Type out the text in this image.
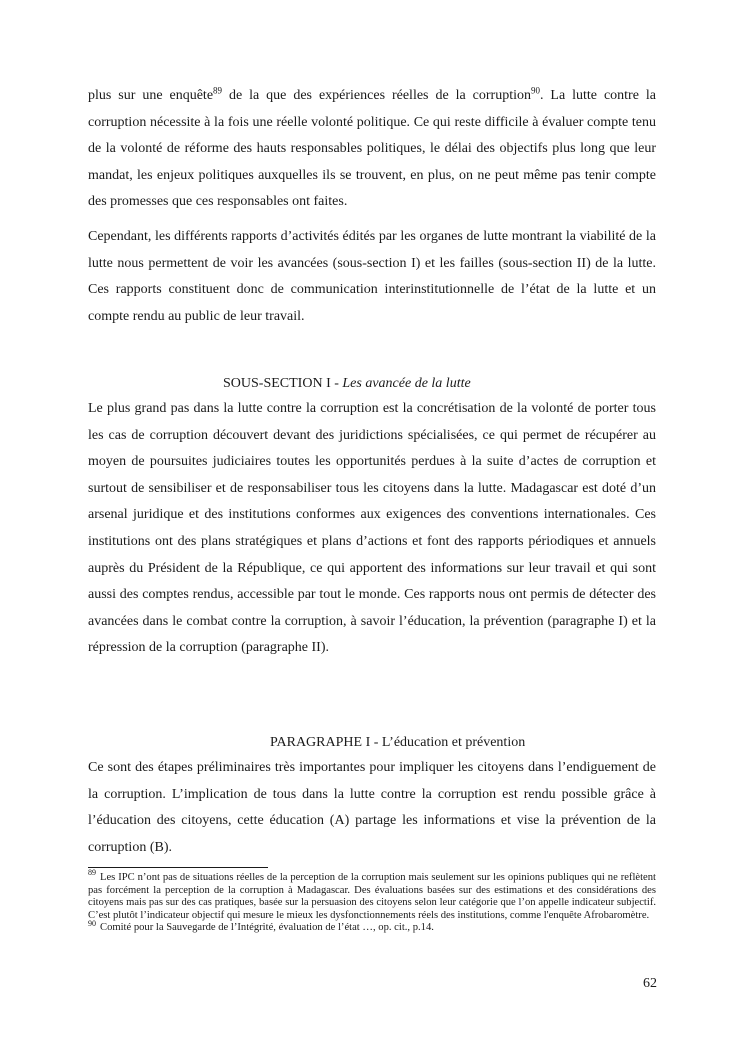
plus sur une enquête$^{89}$ de la que des expériences réelles de la corruption$^{90}$. La lutte contre la corruption nécessite à la fois une réelle volonté politique. Ce qui reste difficile à évaluer compte tenu de la volonté de réforme des hauts responsables politiques, le délai des objectifs plus long que leur mandat, les enjeux politiques auxquelles ils se trouvent, en plus, on ne peut même pas tenir compte des promesses que ces responsables ont faites.

Cependant, les différents rapports d’activités édités par les organes de lutte montrant la viabilité de la lutte nous permettent de voir les avancées (sous-section I) et les failles (sous-section II) de la lutte. Ces rapports constituent donc de communication interinstitutionnelle de l’état de la lutte et un compte rendu au public de leur travail.

SOUS-SECTION I - Les avancée de la lutte

Le plus grand pas dans la lutte contre la corruption est la concrétisation de la volonté de porter tous les cas de corruption découvert devant des juridictions spécialisées, ce qui permet de récupérer au moyen de poursuites judiciaires toutes les opportunités perdues à la suite d’actes de corruption et surtout de sensibiliser et de responsabiliser tous les citoyens dans la lutte. Madagascar est doté d’un arsenal juridique et des institutions conformes aux exigences des conventions internationales. Ces institutions ont des plans stratégiques et plans d’actions et font des rapports périodiques et annuels auprès du Président de la République, ce qui apportent des informations sur leur travail et qui sont aussi des comptes rendus, accessible par tout le monde. Ces rapports nous ont permis de détecter des avancées dans le combat contre la corruption, à savoir l’éducation, la prévention (paragraphe I) et la répression de la corruption (paragraphe II).

PARAGRAPHE I - L’éducation et prévention

Ce sont des étapes préliminaires très importantes pour impliquer les citoyens dans l’endiguement de la corruption. L’implication de tous dans la lutte contre la corruption est rendu possible grâce à l’éducation des citoyens, cette éducation (A) partage les informations et vise la prévention de la corruption (B).

$^{89}$ Les IPC n’ont pas de situations réelles de la perception de la corruption mais seulement sur les opinions publiques qui ne reflètent pas forcément la perception de la corruption à Madagascar. Des évaluations basées sur des estimations et des considérations des citoyens mais pas sur des cas pratiques, basée sur la persuasion des citoyens selon leur catégorie que l’on appelle indicateur subjectif. C’est plutôt l’indicateur objectif qui mesure le mieux les dysfonctionnements réels des institutions, comme l'enquête Afrobaromètre.

$^{90}$ Comité pour la Sauvegarde de l’Intégrité, évaluation de l’état …, op. cit., p.14.

62
